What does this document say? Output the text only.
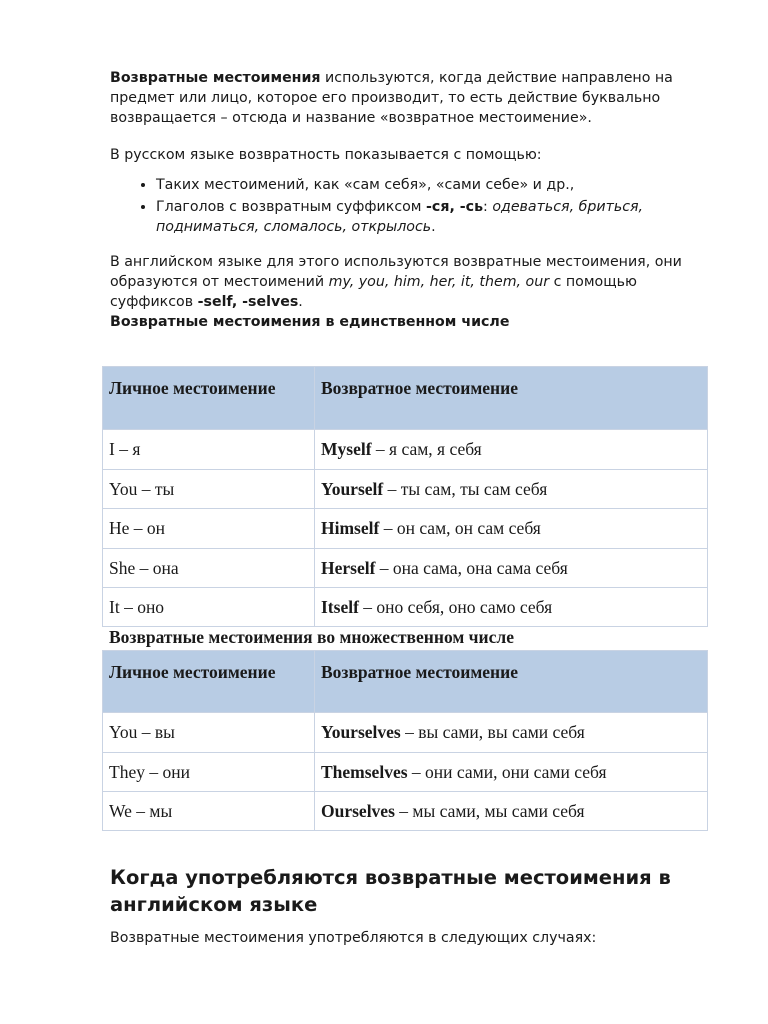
Возвратные местоимения используются, когда действие направлено на предмет или лицо, которое его производит, то есть действие буквально возвращается – отсюда и название «возвратное местоимение».

В русском языке возвратность показывается с помощью:

• Таких местоимений, как «сам себя», «сами себе» и др.,
• Глаголов с возвратным суффиксом -ся, -сь: одеваться, бриться, подниматься, сломалось, открылось.

В английском языке для этого используются возвратные местоимения, они образуются от местоимений my, you, him, her, it, them, our с помощью суффиксов -self, -selves.

Возвратные местоимения в единственном числе

Личное местоимение	Возвратное местоимение
I – я	Myself – я сам, я себя
You – ты	Yourself – ты сам, ты сам себя
He – он	Himself – он сам, он сам себя
She – она	Herself – она сама, она сама себя
It – оно	Itself – оно себя, оно само себя

Возвратные местоимения во множественном числе

Личное местоимение	Возвратное местоимение
You – вы	Yourselves – вы сами, вы сами себя
They – они	Themselves – они сами, они сами себя
We – мы	Ourselves – мы сами, мы сами себя
Когда употребляются возвратные местоимения в английском языке

Возвратные местоимения употребляются в следующих случаях:
